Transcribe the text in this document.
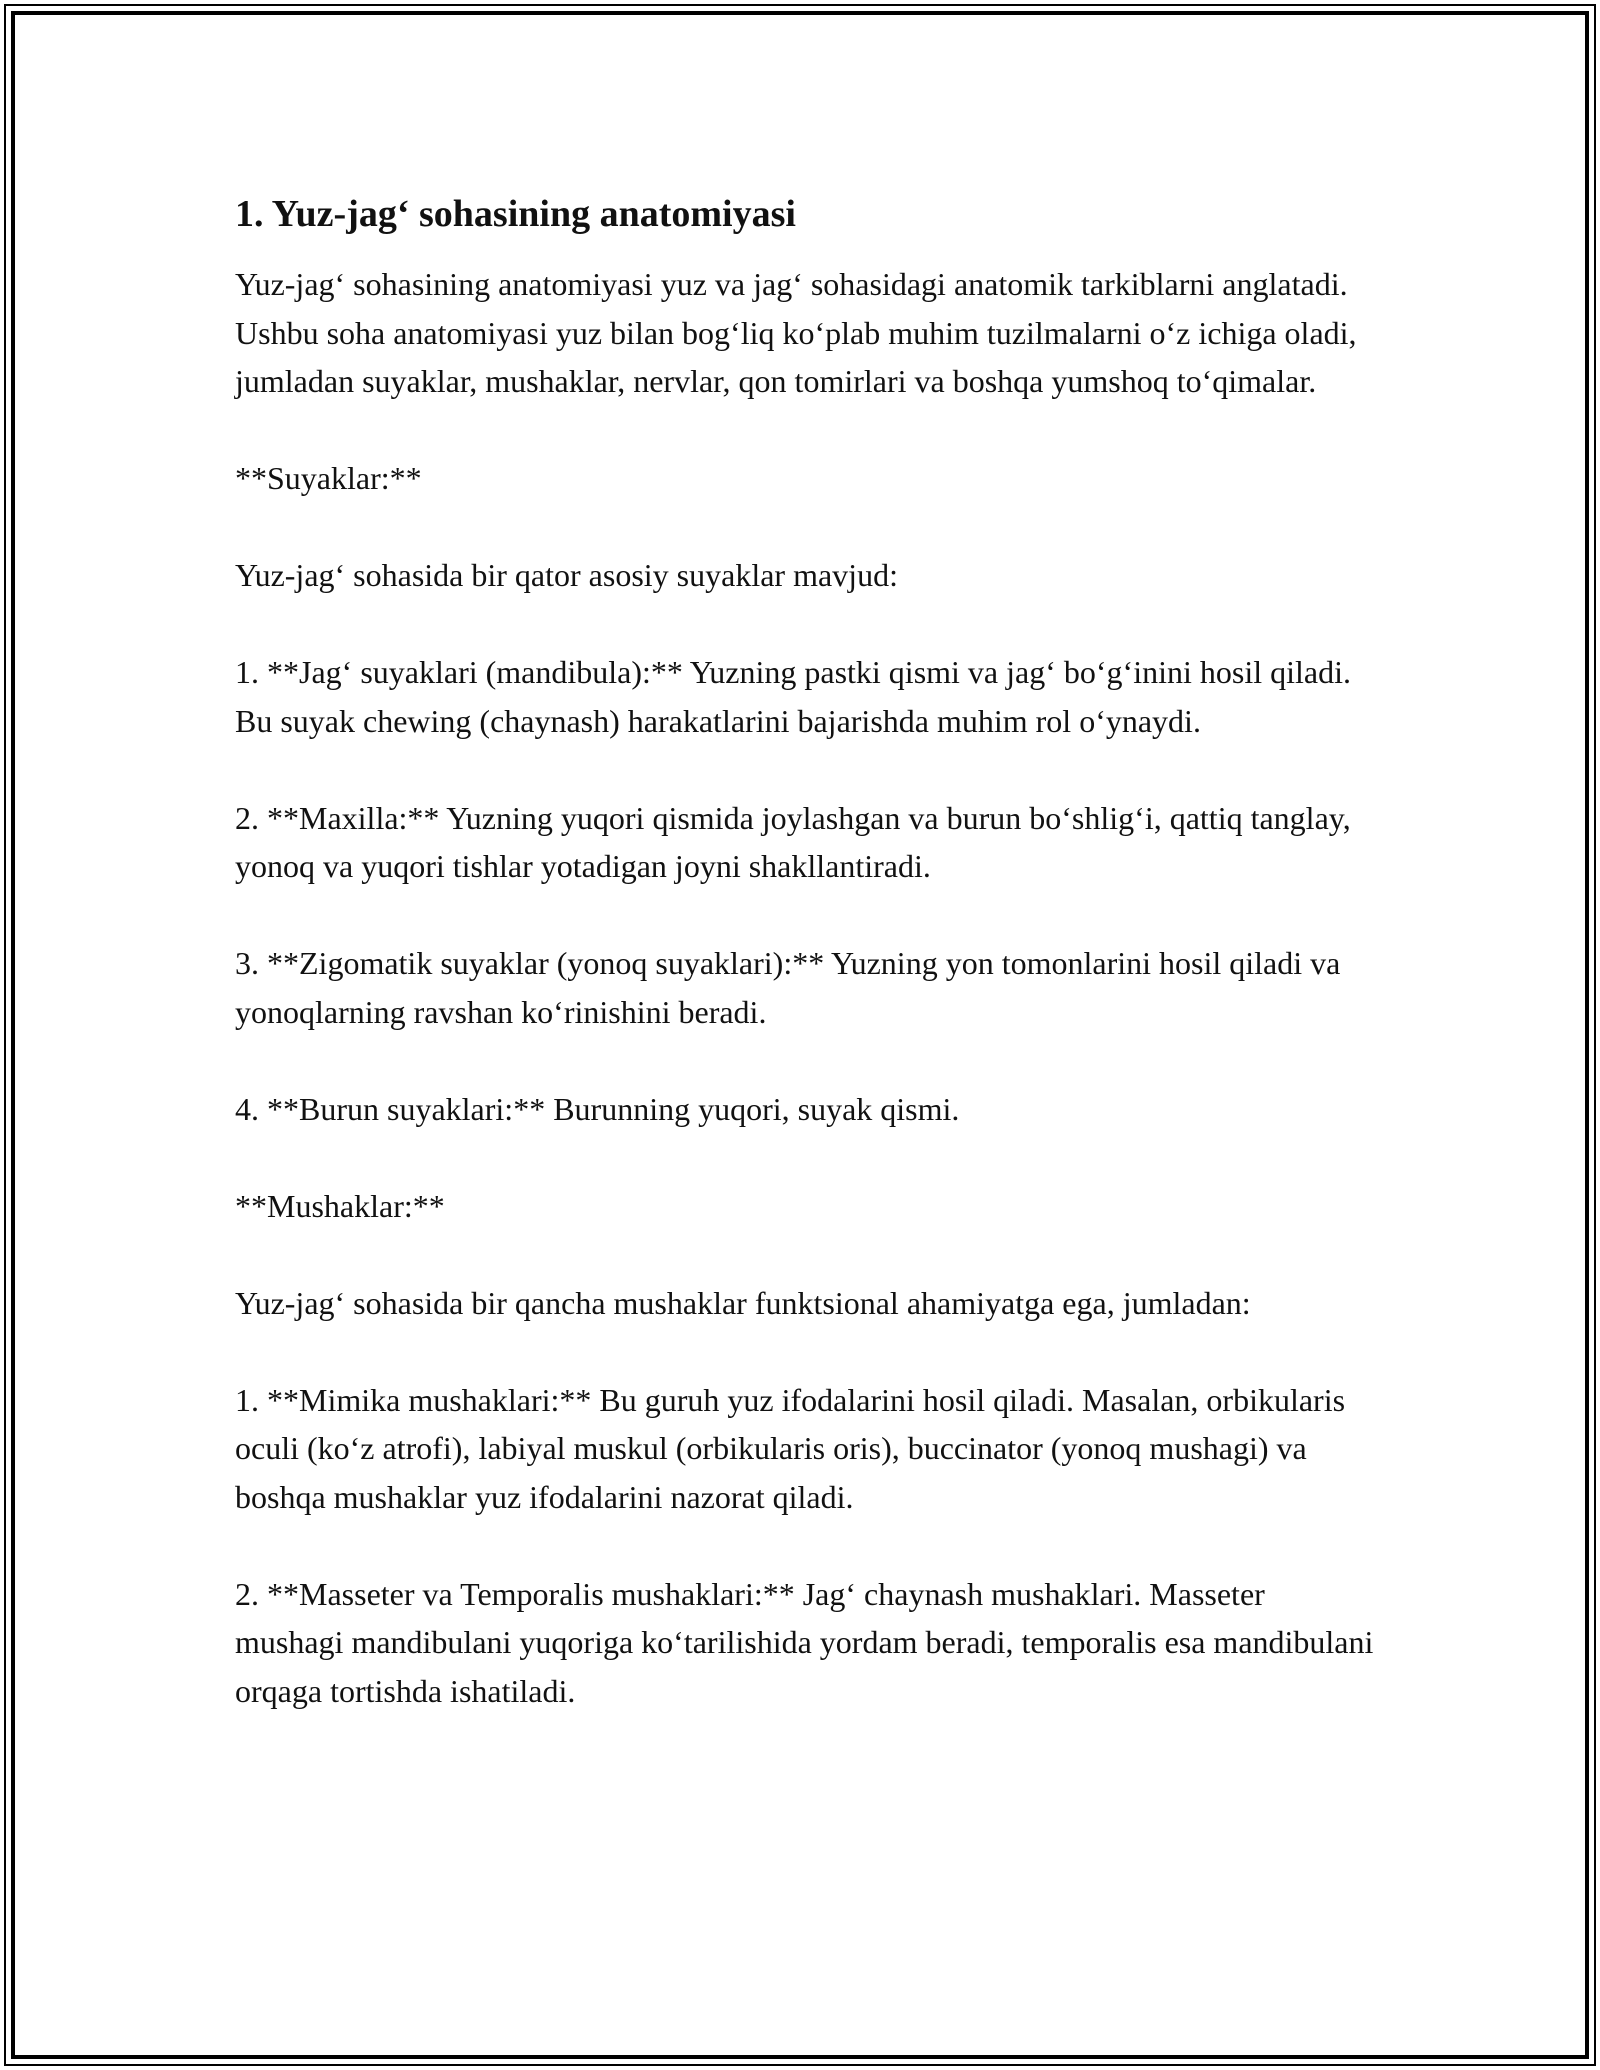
1. Yuz-jag‘ sohasining anatomiyasi

Yuz-jag‘ sohasining anatomiyasi yuz va jag‘ sohasidagi anatomik tarkiblarni anglatadi. Ushbu soha anatomiyasi yuz bilan bog‘liq ko‘plab muhim tuzilmalarni o‘z ichiga oladi, jumladan suyaklar, mushaklar, nervlar, qon tomirlari va boshqa yumshoq to‘qimalar.

**Suyaklar:**

Yuz-jag‘ sohasida bir qator asosiy suyaklar mavjud:

1. **Jag‘ suyaklari (mandibula):** Yuzning pastki qismi va jag‘ bo‘g‘inini hosil qiladi. Bu suyak chewing (chaynash) harakatlarini bajarishda muhim rol o‘ynaydi.

2. **Maxilla:** Yuzning yuqori qismida joylashgan va burun bo‘shlig‘i, qattiq tanglay, yonoq va yuqori tishlar yotadigan joyni shakllantiradi.

3. **Zigomatik suyaklar (yonoq suyaklari):** Yuzning yon tomonlarini hosil qiladi va yonoqlarning ravshan ko‘rinishini beradi.

4. **Burun suyaklari:** Burunning yuqori, suyak qismi.

**Mushaklar:**

Yuz-jag‘ sohasida bir qancha mushaklar funktsional ahamiyatga ega, jumladan:

1. **Mimika mushaklari:** Bu guruh yuz ifodalarini hosil qiladi. Masalan, orbikularis oculi (ko‘z atrofi), labiyal muskul (orbikularis oris), buccinator (yonoq mushagi) va boshqa mushaklar yuz ifodalarini nazorat qiladi.

2. **Masseter va Temporalis mushaklari:** Jag‘ chaynash mushaklari. Masseter mushagi mandibulani yuqoriga ko‘tarilishida yordam beradi, temporalis esa mandibulani orqaga tortishda ishatiladi.
